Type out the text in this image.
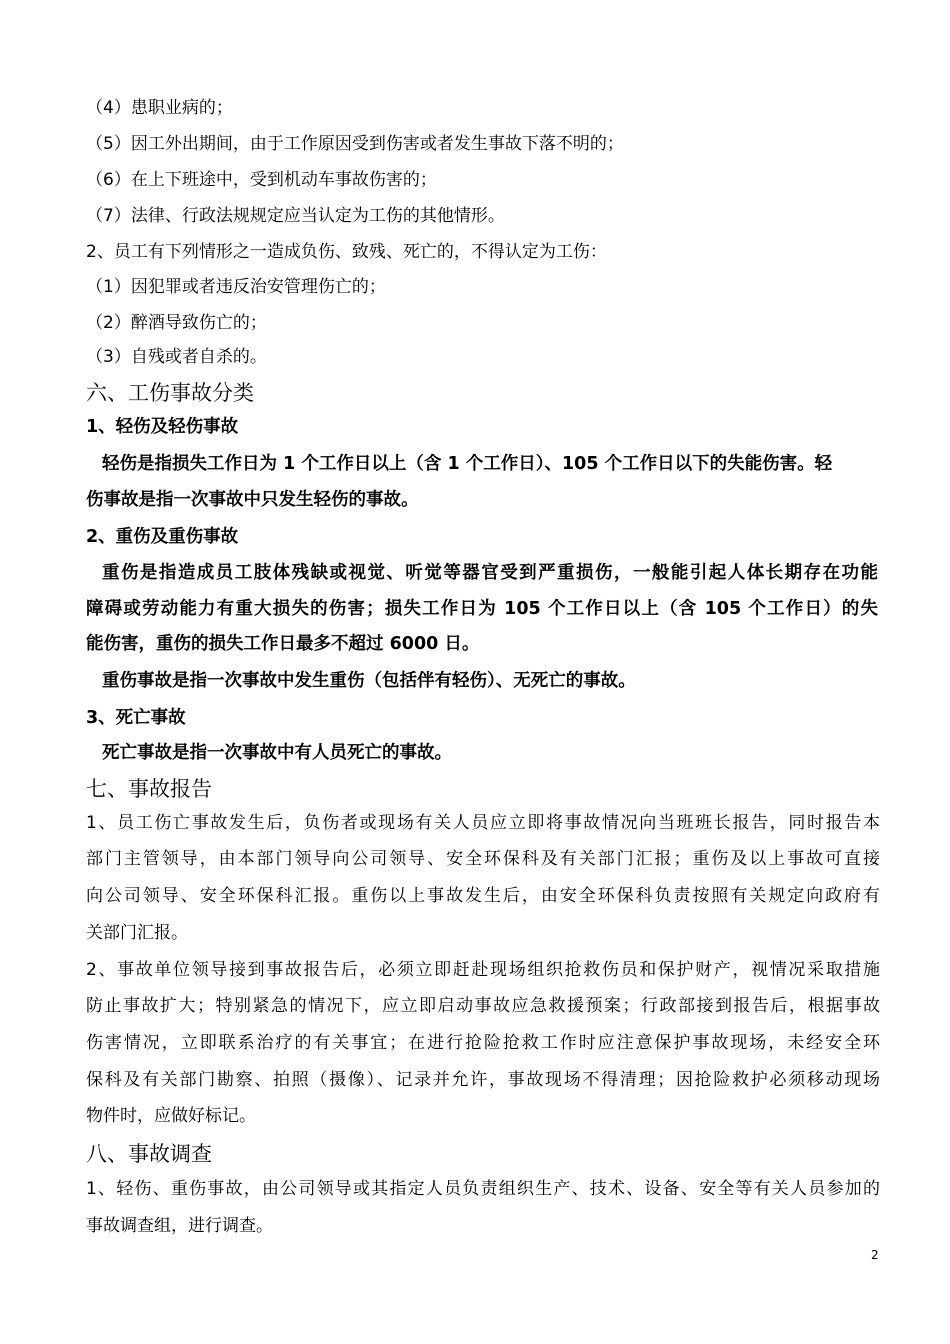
（4）患职业病的；
（5）因工外出期间，由于工作原因受到伤害或者发生事故下落不明的；
（6）在上下班途中，受到机动车事故伤害的；
（7）法律、行政法规规定应当认定为工伤的其他情形。
2、员工有下列情形之一造成负伤、致残、死亡的，不得认定为工伤：
（1）因犯罪或者违反治安管理伤亡的；
（2）醉酒导致伤亡的；
（3）自残或者自杀的。
六、工伤事故分类
1、轻伤及轻伤事故
轻伤是指损失工作日为 1 个工作日以上（含 1 个工作日）、105 个工作日以下的失能伤害。轻
伤事故是指一次事故中只发生轻伤的事故。
2、重伤及重伤事故
重伤是指造成员工肢体残缺或视觉、听觉等器官受到严重损伤，一般能引起人体长期存在功能
障碍或劳动能力有重大损失的伤害；损失工作日为 105 个工作日以上（含 105 个工作日）的失
能伤害，重伤的损失工作日最多不超过 6000 日。
重伤事故是指一次事故中发生重伤（包括伴有轻伤）、无死亡的事故。
3、死亡事故
死亡事故是指一次事故中有人员死亡的事故。
七、事故报告
1、员工伤亡事故发生后，负伤者或现场有关人员应立即将事故情况向当班班长报告，同时报告本
部门主管领导，由本部门领导向公司领导、安全环保科及有关部门汇报；重伤及以上事故可直接
向公司领导、安全环保科汇报。重伤以上事故发生后，由安全环保科负责按照有关规定向政府有
关部门汇报。
2、事故单位领导接到事故报告后，必须立即赶赴现场组织抢救伤员和保护财产，视情况采取措施
防止事故扩大；特别紧急的情况下，应立即启动事故应急救援预案；行政部接到报告后，根据事故
伤害情况，立即联系治疗的有关事宜；在进行抢险抢救工作时应注意保护事故现场，未经安全环
保科及有关部门勘察、拍照（摄像）、记录并允许，事故现场不得清理；因抢险救护必须移动现场
物件时，应做好标记。
八、事故调查
1、轻伤、重伤事故，由公司领导或其指定人员负责组织生产、技术、设备、安全等有关人员参加的
事故调查组，进行调查。
2
